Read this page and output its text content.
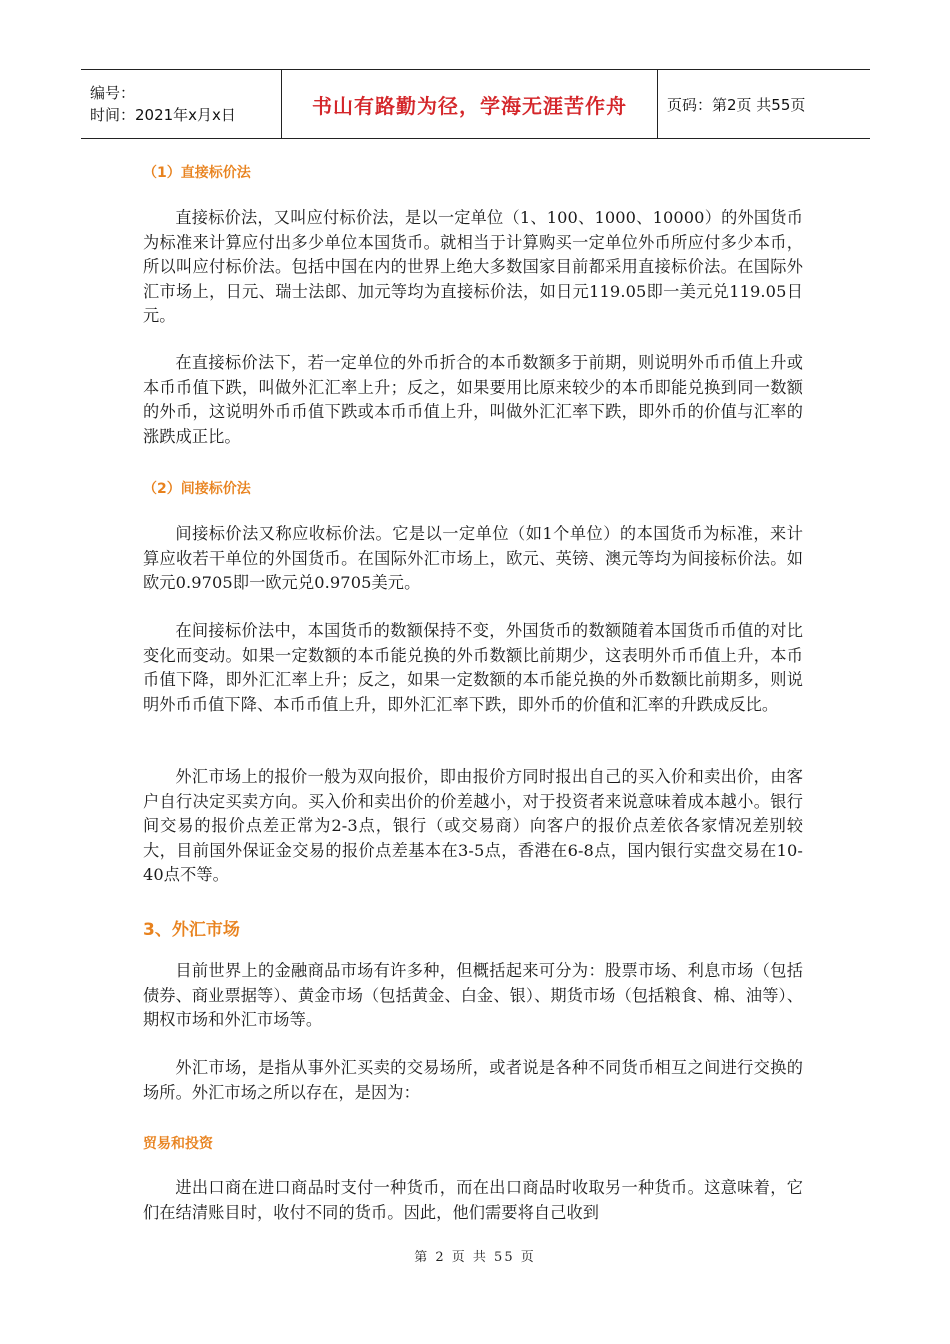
编号：
时间：2021年x月x日	书山有路勤为径，学海无涯苦作舟	页码：第2页 共55页
（1）直接标价法

直接标价法，又叫应付标价法，是以一定单位（1、100、1000、10000）的外国货币为标准来计算应付出多少单位本国货币。就相当于计算购买一定单位外币所应付多少本币，所以叫应付标价法。包括中国在内的世界上绝大多数国家目前都采用直接标价法。在国际外汇市场上，日元、瑞士法郎、加元等均为直接标价法，如日元119.05即一美元兑119.05日元。

在直接标价法下，若一定单位的外币折合的本币数额多于前期，则说明外币币值上升或本币币值下跌，叫做外汇汇率上升；反之，如果要用比原来较少的本币即能兑换到同一数额的外币，这说明外币币值下跌或本币币值上升，叫做外汇汇率下跌，即外币的价值与汇率的涨跌成正比。

（2）间接标价法

间接标价法又称应收标价法。它是以一定单位（如1个单位）的本国货币为标准，来计算应收若干单位的外国货币。在国际外汇市场上，欧元、英镑、澳元等均为间接标价法。如欧元0.9705即一欧元兑0.9705美元。

在间接标价法中，本国货币的数额保持不变，外国货币的数额随着本国货币币值的对比变化而变动。如果一定数额的本币能兑换的外币数额比前期少，这表明外币币值上升，本币币值下降，即外汇汇率上升；反之，如果一定数额的本币能兑换的外币数额比前期多，则说明外币币值下降、本币币值上升，即外汇汇率下跌，即外币的价值和汇率的升跌成反比。

外汇市场上的报价一般为双向报价，即由报价方同时报出自己的买入价和卖出价，由客户自行决定买卖方向。买入价和卖出价的价差越小，对于投资者来说意味着成本越小。银行间交易的报价点差正常为2-3点，银行（或交易商）向客户的报价点差依各家情况差别较大，目前国外保证金交易的报价点差基本在3-5点，香港在6-8点，国内银行实盘交易在10-40点不等。

3、外汇市场

目前世界上的金融商品市场有许多种，但概括起来可分为：股票市场、利息市场（包括债券、商业票据等）、黄金市场（包括黄金、白金、银）、期货市场（包括粮食、棉、油等）、期权市场和外汇市场等。

外汇市场，是指从事外汇买卖的交易场所，或者说是各种不同货币相互之间进行交换的场所。外汇市场之所以存在，是因为：

贸易和投资

进出口商在进口商品时支付一种货币，而在出口商品时收取另一种货币。这意味着，它们在结清账目时，收付不同的货币。因此，他们需要将自己收到

第 2 页 共 55 页
